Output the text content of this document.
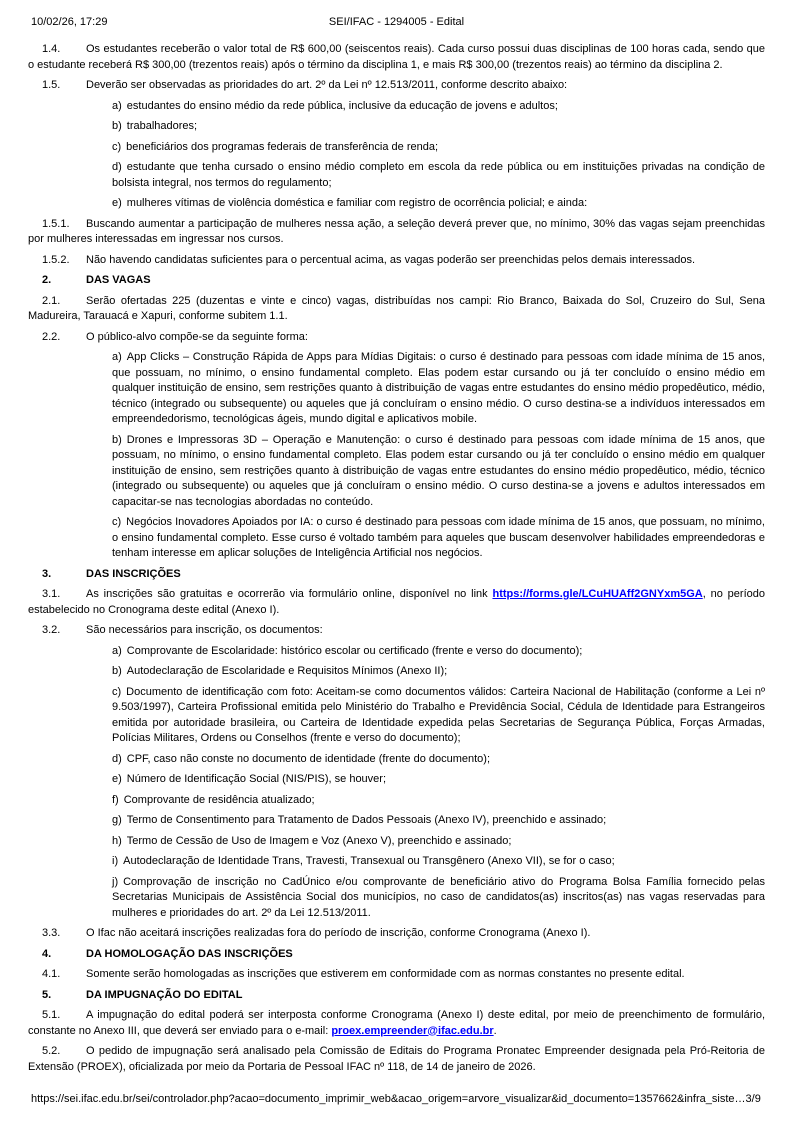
10/02/26, 17:29	SEI/IFAC - 1294005 - Edital

1.4. Os estudantes receberão o valor total de R$ 600,00 (seiscentos reais). Cada curso possui duas disciplinas de 100 horas cada, sendo que o estudante receberá R$ 300,00 (trezentos reais) após o término da disciplina 1, e mais R$ 300,00 (trezentos reais) ao término da disciplina 2.

1.5. Deverão ser observadas as prioridades do art. 2º da Lei nº 12.513/2011, conforme descrito abaixo:

a) estudantes do ensino médio da rede pública, inclusive da educação de jovens e adultos;

b) trabalhadores;

c) beneficiários dos programas federais de transferência de renda;

d) estudante que tenha cursado o ensino médio completo em escola da rede pública ou em instituições privadas na condição de bolsista integral, nos termos do regulamento;

e) mulheres vítimas de violência doméstica e familiar com registro de ocorrência policial; e ainda:

1.5.1. Buscando aumentar a participação de mulheres nessa ação, a seleção deverá prever que, no mínimo, 30% das vagas sejam preenchidas por mulheres interessadas em ingressar nos cursos.

1.5.2. Não havendo candidatas suficientes para o percentual acima, as vagas poderão ser preenchidas pelos demais interessados.

2.	DAS VAGAS

2.1. Serão ofertadas 225 (duzentas e vinte e cinco) vagas, distribuídas nos campi: Rio Branco, Baixada do Sol, Cruzeiro do Sul, Sena Madureira, Tarauacá e Xapuri, conforme subitem 1.1.

2.2. O público-alvo compõe-se da seguinte forma:

a) App Clicks – Construção Rápida de Apps para Mídias Digitais: o curso é destinado para pessoas com idade mínima de 15 anos, que possuam, no mínimo, o ensino fundamental completo. Elas podem estar cursando ou já ter concluído o ensino médio em qualquer instituição de ensino, sem restrições quanto à distribuição de vagas entre estudantes do ensino médio propedêutico, médio, técnico (integrado ou subsequente) ou aqueles que já concluíram o ensino médio. O curso destina-se a indivíduos interessados em empreendedorismo, tecnológicas ágeis, mundo digital e aplicativos mobile.

b) Drones e Impressoras 3D – Operação e Manutenção: o curso é destinado para pessoas com idade mínima de 15 anos, que possuam, no mínimo, o ensino fundamental completo. Elas podem estar cursando ou já ter concluído o ensino médio em qualquer instituição de ensino, sem restrições quanto à distribuição de vagas entre estudantes do ensino médio propedêutico, médio, técnico (integrado ou subsequente) ou aqueles que já concluíram o ensino médio. O curso destina-se a jovens e adultos interessados em capacitar-se nas tecnologias abordadas no conteúdo.

c) Negócios Inovadores Apoiados por IA: o curso é destinado para pessoas com idade mínima de 15 anos, que possuam, no mínimo, o ensino fundamental completo. Esse curso é voltado também para aqueles que buscam desenvolver habilidades empreendedoras e tenham interesse em aplicar soluções de Inteligência Artificial nos negócios.

3.	DAS INSCRIÇÕES

3.1. As inscrições são gratuitas e ocorrerão via formulário online, disponível no link https://forms.gle/LCuHUAff2GNYxm5GA, no período estabelecido no Cronograma deste edital (Anexo I).

3.2. São necessários para inscrição, os documentos:

a) Comprovante de Escolaridade: histórico escolar ou certificado (frente e verso do documento);

b) Autodeclaração de Escolaridade e Requisitos Mínimos (Anexo II);

c) Documento de identificação com foto: Aceitam-se como documentos válidos: Carteira Nacional de Habilitação (conforme a Lei nº 9.503/1997), Carteira Profissional emitida pelo Ministério do Trabalho e Previdência Social, Cédula de Identidade para Estrangeiros emitida por autoridade brasileira, ou Carteira de Identidade expedida pelas Secretarias de Segurança Pública, Forças Armadas, Polícias Militares, Ordens ou Conselhos (frente e verso do documento);

d) CPF, caso não conste no documento de identidade (frente do documento);

e) Número de Identificação Social (NIS/PIS), se houver;

f) Comprovante de residência atualizado;

g) Termo de Consentimento para Tratamento de Dados Pessoais (Anexo IV), preenchido e assinado;

h) Termo de Cessão de Uso de Imagem e Voz (Anexo V), preenchido e assinado;

i) Autodeclaração de Identidade Trans, Travesti, Transexual ou Transgênero (Anexo VII), se for o caso;

j) Comprovação de inscrição no CadÚnico e/ou comprovante de beneficiário ativo do Programa Bolsa Família fornecido pelas Secretarias Municipais de Assistência Social dos municípios, no caso de candidatos(as) inscritos(as) nas vagas reservadas para mulheres e prioridades do art. 2º da Lei 12.513/2011.

3.3. O Ifac não aceitará inscrições realizadas fora do período de inscrição, conforme Cronograma (Anexo I).

4.	DA HOMOLOGAÇÃO DAS INSCRIÇÕES

4.1. Somente serão homologadas as inscrições que estiverem em conformidade com as normas constantes no presente edital.

5.	DA IMPUGNAÇÃO DO EDITAL

5.1. A impugnação do edital poderá ser interposta conforme Cronograma (Anexo I) deste edital, por meio de preenchimento de formulário, constante no Anexo III, que deverá ser enviado para o e-mail: proex.empreender@ifac.edu.br.

5.2. O pedido de impugnação será analisado pela Comissão de Editais do Programa Pronatec Empreender designada pela Pró-Reitoria de Extensão (PROEX), oficializada por meio da Portaria de Pessoal IFAC nº 118, de 14 de janeiro de 2026.

https://sei.ifac.edu.br/sei/controlador.php?acao=documento_imprimir_web&acao_origem=arvore_visualizar&id_documento=1357662&infra_siste… 3/9
